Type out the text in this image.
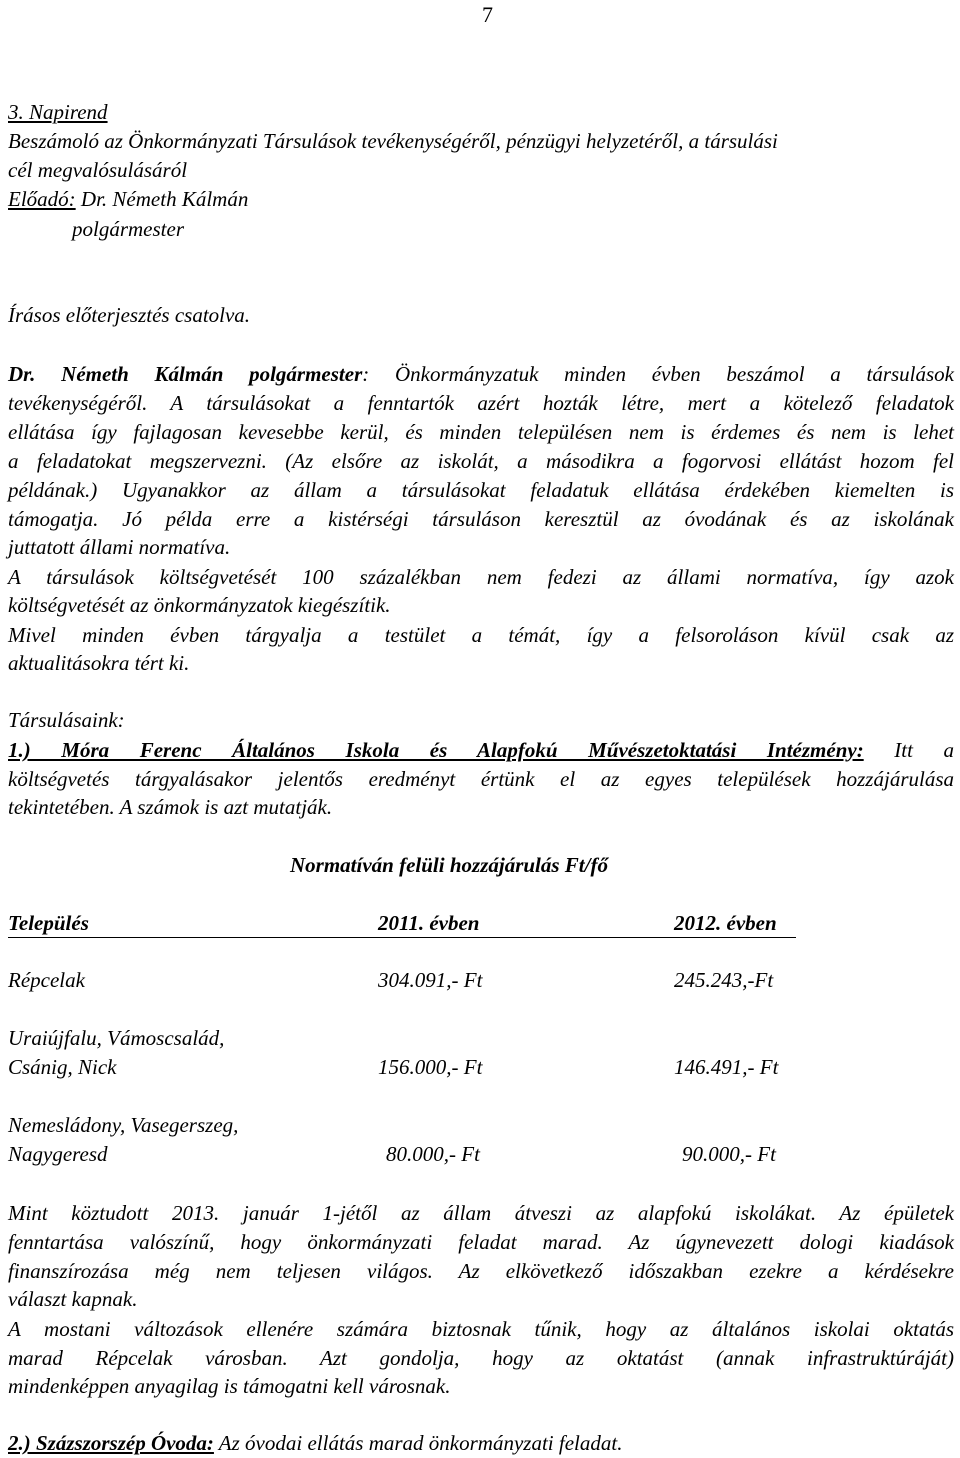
7
3. Napirend
Beszámoló az Önkormányzati Társulások tevékenységéről, pénzügyi helyzetéről, a társulási
cél megvalósulásáról
Előadó: Dr. Németh Kálmán
polgármester
Írásos előterjesztés csatolva.
Dr. Németh Kálmán polgármester: Önkormányzatuk minden évben beszámol a társulások
tevékenységéről. A társulásokat a fenntartók azért hozták létre, mert a kötelező feladatok
ellátása így fajlagosan kevesebbe kerül, és minden településen nem is érdemes és nem is lehet
a feladatokat megszervezni. (Az elsőre az iskolát, a másodikra a fogorvosi ellátást hozom fel
példának.) Ugyanakkor az állam a társulásokat feladatuk ellátása érdekében kiemelten is
támogatja. Jó példa erre a kistérségi társuláson keresztül az óvodának és az iskolának
juttatott állami normatíva.
A társulások költségvetését 100 százalékban nem fedezi az állami normatíva, így azok
költségvetését az önkormányzatok kiegészítik.
Mivel minden évben tárgyalja a testület a témát, így a felsoroláson kívül csak az
aktualitásokra tért ki.
Társulásaink:
1.) Móra Ferenc Általános Iskola és Alapfokú Művészetoktatási Intézmény: Itt a
költségvetés tárgyalásakor jelentős eredményt értünk el az egyes települések hozzájárulása
tekintetében. A számok is azt mutatják.
Normatíván felüli hozzájárulás Ft/fő
Település	2011. évben	2012. évben
Répcelak	304.091,- Ft	245.243,-Ft
Uraiújfalu, Vámoscsalád,
Csánig, Nick	156.000,- Ft	146.491,- Ft
Nemesládony, Vasegerszeg,
Nagygeresd	80.000,- Ft	90.000,- Ft
Mint köztudott 2013. január 1-jétől az állam átveszi az alapfokú iskolákat. Az épületek
fenntartása valószínű, hogy önkormányzati feladat marad. Az úgynevezett dologi kiadások
finanszírozása még nem teljesen világos. Az elkövetkező időszakban ezekre a kérdésekre
választ kapnak.
A mostani változások ellenére számára biztosnak tűnik, hogy az általános iskolai oktatás
marad Répcelak városban. Azt gondolja, hogy az oktatást (annak infrastruktúráját)
mindenképpen anyagilag is támogatni kell városnak.
2.) Százszorszép Óvoda: Az óvodai ellátás marad önkormányzati feladat.
